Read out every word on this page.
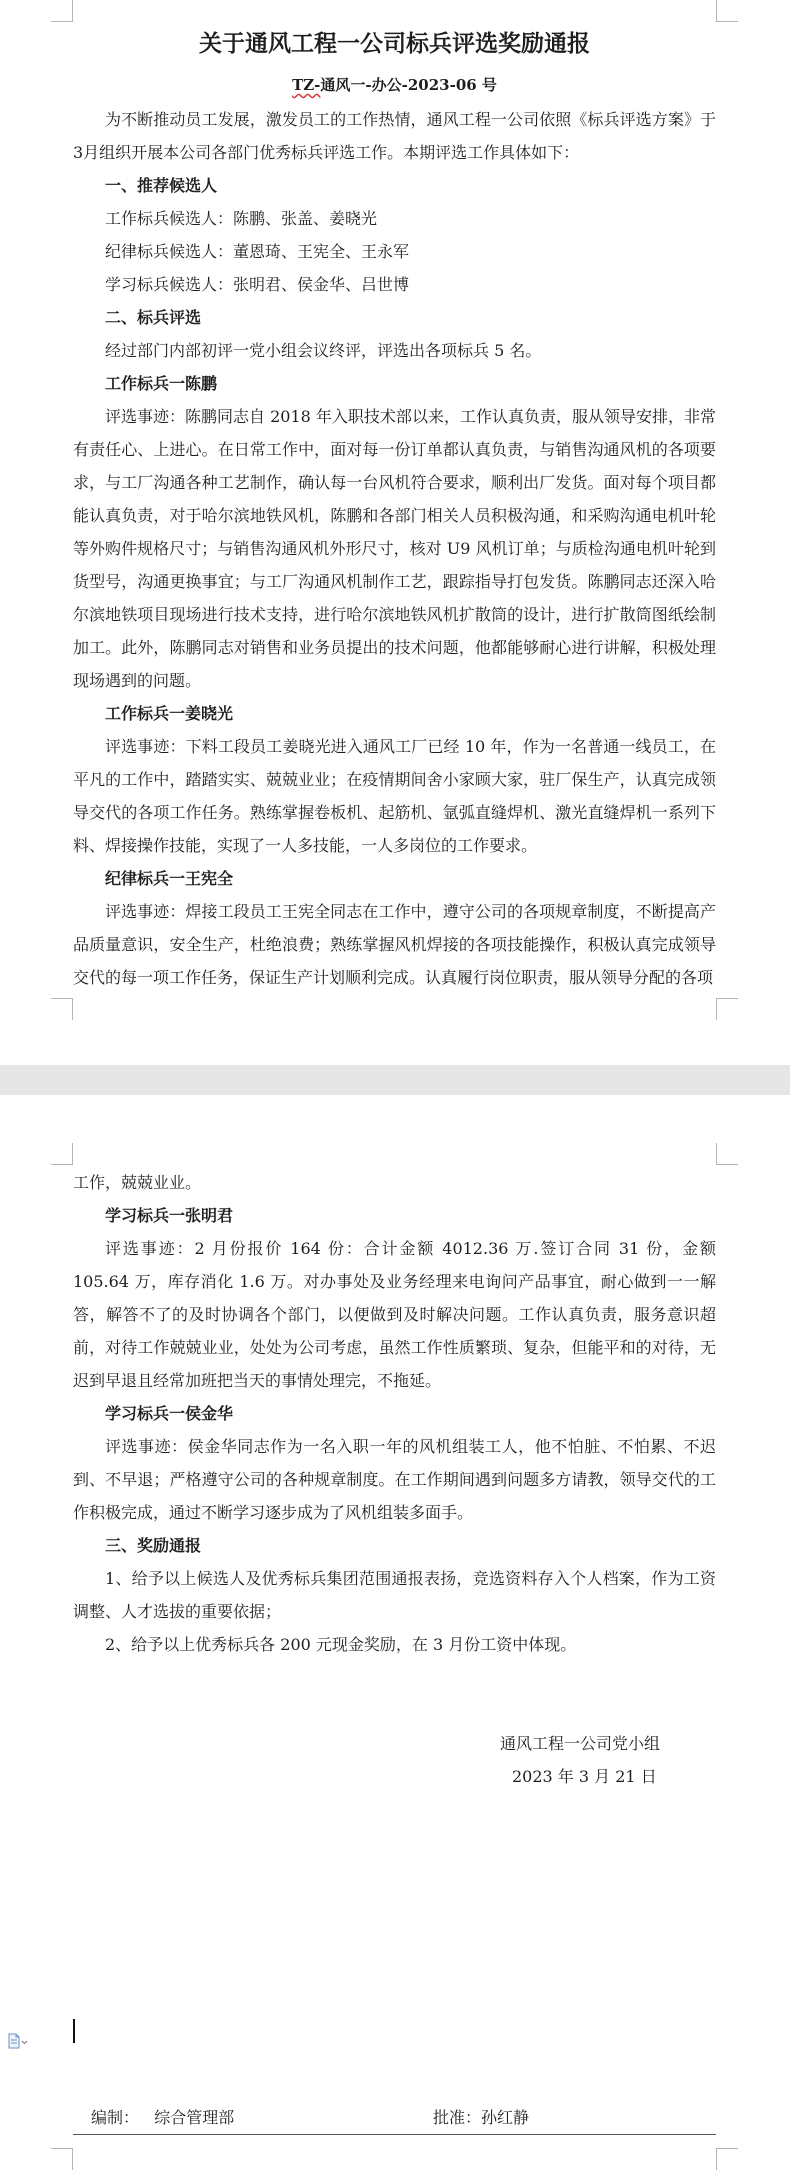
关于通风工程一公司标兵评选奖励通报

TZ-通风一-办公-2023-06 号

为不断推动员工发展，激发员工的工作热情，通风工程一公司依照《标兵评选方案》于3月组织开展本公司各部门优秀标兵评选工作。本期评选工作具体如下：

一、推荐候选人

工作标兵候选人：陈鹏、张盖、姜晓光

纪律标兵候选人：董恩琦、王宪全、王永军

学习标兵候选人：张明君、侯金华、吕世博

二、标兵评选

经过部门内部初评一党小组会议终评，评选出各项标兵 5 名。

工作标兵一陈鹏

评选事迹：陈鹏同志自 2018 年入职技术部以来，工作认真负责，服从领导安排，非常有责任心、上进心。在日常工作中，面对每一份订单都认真负责，与销售沟通风机的各项要求，与工厂沟通各种工艺制作，确认每一台风机符合要求，顺利出厂发货。面对每个项目都能认真负责，对于哈尔滨地铁风机，陈鹏和各部门相关人员积极沟通，和采购沟通电机叶轮等外购件规格尺寸；与销售沟通风机外形尺寸，核对 U9 风机订单；与质检沟通电机叶轮到货型号，沟通更换事宜；与工厂沟通风机制作工艺，跟踪指导打包发货。陈鹏同志还深入哈尔滨地铁项目现场进行技术支持，进行哈尔滨地铁风机扩散筒的设计，进行扩散筒图纸绘制加工。此外，陈鹏同志对销售和业务员提出的技术问题，他都能够耐心进行讲解，积极处理现场遇到的问题。

工作标兵一姜晓光

评选事迹：下料工段员工姜晓光进入通风工厂已经 10 年，作为一名普通一线员工，在平凡的工作中，踏踏实实、兢兢业业；在疫情期间舍小家顾大家，驻厂保生产，认真完成领导交代的各项工作任务。熟练掌握卷板机、起筋机、氩弧直缝焊机、激光直缝焊机一系列下料、焊接操作技能，实现了一人多技能，一人多岗位的工作要求。

纪律标兵一王宪全

评选事迹：焊接工段员工王宪全同志在工作中，遵守公司的各项规章制度，不断提高产品质量意识，安全生产，杜绝浪费；熟练掌握风机焊接的各项技能操作，积极认真完成领导交代的每一项工作任务，保证生产计划顺利完成。认真履行岗位职责，服从领导分配的各项

工作，兢兢业业。

学习标兵一张明君

评选事迹：2 月份报价 164 份：合计金额 4012.36 万.签订合同 31 份，金额 105.64 万，库存消化 1.6 万。对办事处及业务经理来电询问产品事宜，耐心做到一一解答，解答不了的及时协调各个部门，以便做到及时解决问题。工作认真负责，服务意识超前，对待工作兢兢业业，处处为公司考虑，虽然工作性质繁琐、复杂，但能平和的对待，无迟到早退且经常加班把当天的事情处理完，不拖延。

学习标兵一侯金华

评选事迹：侯金华同志作为一名入职一年的风机组装工人，他不怕脏、不怕累、不迟到、不早退；严格遵守公司的各种规章制度。在工作期间遇到问题多方请教，领导交代的工作积极完成，通过不断学习逐步成为了风机组装多面手。

三、奖励通报

1、给予以上候选人及优秀标兵集团范围通报表扬，竞选资料存入个人档案，作为工资调整、人才选拔的重要依据；

2、给予以上优秀标兵各 200 元现金奖励，在 3 月份工资中体现。

通风工程一公司党小组

2023 年 3 月 21 日

编制：   综合管理部	批准：孙红静
